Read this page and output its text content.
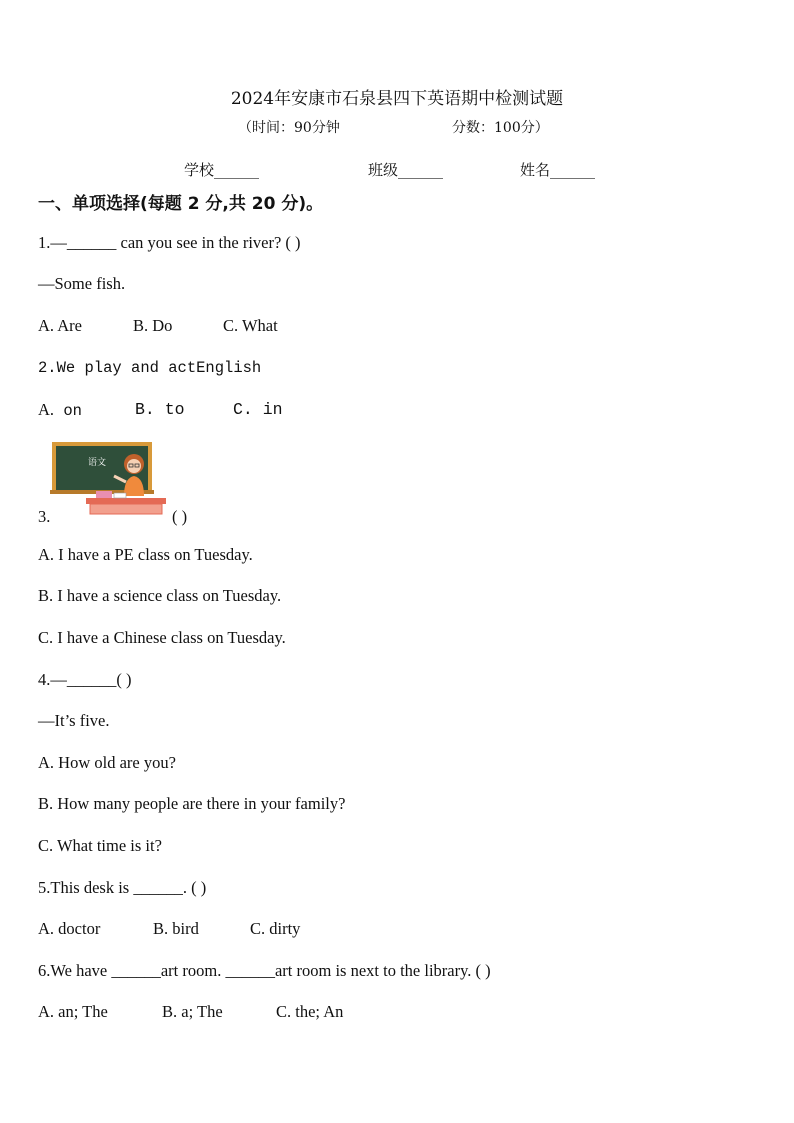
2024年安康市石泉县四下英语期中检测试题
（时间：90分钟	分数：100分）
学校______	班级______	姓名______
一、单项选择(每题 2 分,共 20 分)。
1.—______ can you see in the river? ( )
—Some fish.
A. Are	B. Do	C. What
2.We play and actEnglish
A. on	B. to	C. in
3.
语文
( )
A. I have a PE class on Tuesday.
B. I have a science class on Tuesday.
C. I have a Chinese class on Tuesday.
4.—______( )
—It’s five.
A. How old are you?
B. How many people are there in your family?
C. What time is it?
5.This desk is ______. ( )
A. doctor	B. bird	C. dirty
6.We have ______art room. ______art room is next to the library. ( )
A. an; The	B. a; The	C. the; An
